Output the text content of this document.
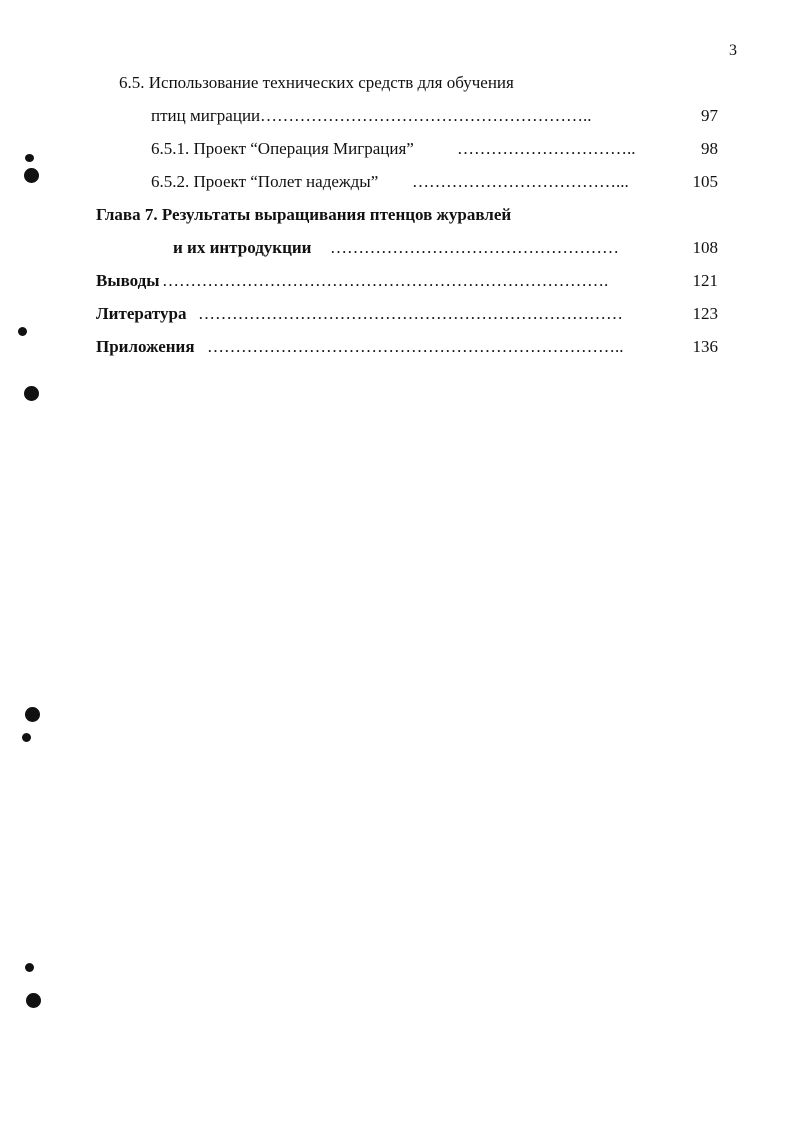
3
6.5. Использование технических средств для обучения
птиц миграции …………………………………………………..	97
6.5.1. Проект “Операция Миграция”	…………………………..	98
6.5.2. Проект “Полет надежды” ………………………………...	105
Глава 7. Результаты выращивания птенцов журавлей
и их интродукции ……………………………………………	108
Выводы …………………………………………………………………….	121
Литература …………………………………………………………………	123
Приложения ………………………………………………………………..	136
